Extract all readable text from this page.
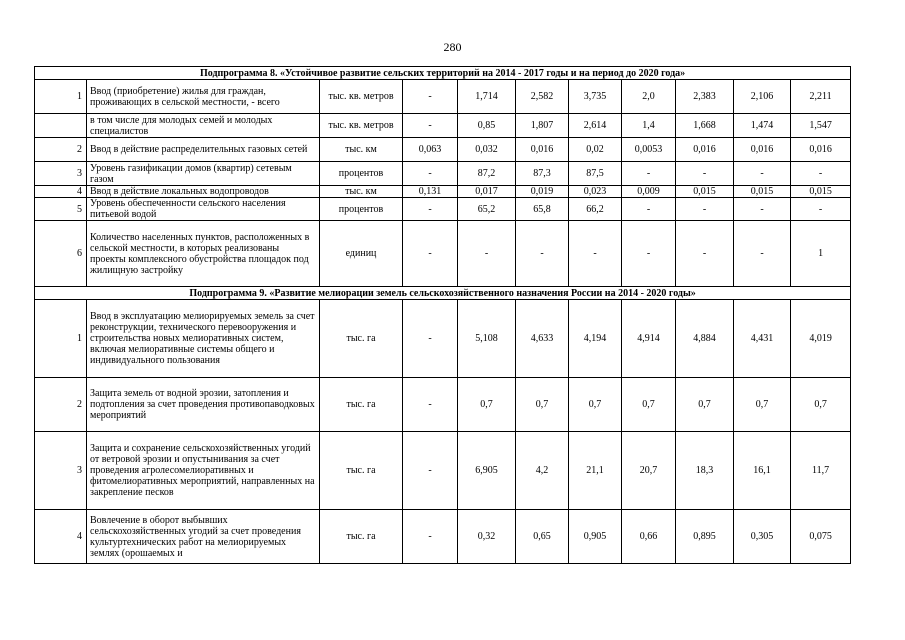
280
Подпрограмма 8. «Устойчивое развитие сельских территорий на 2014 - 2017 годы и на период до 2020 года»										
1	Ввод (приобретение) жилья для граждан, проживающих в сельской местности, - всего	тыс. кв. метров	-	1,714	2,582	3,735	2,0	2,383	2,106	2,211
	в том числе для молодых семей и молодых специалистов	тыс. кв. метров	-	0,85	1,807	2,614	1,4	1,668	1,474	1,547
2	Ввод в действие распределительных газовых сетей	тыс. км	0,063	0,032	0,016	0,02	0,0053	0,016	0,016	0,016
3	Уровень газификации домов (квартир) сетевым газом	процентов	-	87,2	87,3	87,5	-	-	-	-
4	Ввод в действие локальных водопроводов	тыс. км	0,131	0,017	0,019	0,023	0,009	0,015	0,015	0,015
5	Уровень обеспеченности сельского населения питьевой водой	процентов	-	65,2	65,8	66,2	-	-	-	-
6	Количество населенных пунктов, расположенных в сельской местности, в которых реализованы проекты комплексного обустройства площадок под жилищную застройку	единиц	-	-	-	-	-	-	-	1
Подпрограмма 9. «Развитие мелиорации земель сельскохозяйственного назначения России на 2014 - 2020 годы»										
1	Ввод в эксплуатацию мелиорируемых земель за счет реконструкции, технического перевооружения и строительства новых мелиоративных систем, включая мелиоративные системы общего и индивидуального пользования	тыс. га	-	5,108	4,633	4,194	4,914	4,884	4,431	4,019
2	Защита земель от водной эрозии, затопления и подтопления за счет проведения противопаводковых мероприятий	тыс. га	-	0,7	0,7	0,7	0,7	0,7	0,7	0,7
3	Защита и сохранение сельскохозяйственных угодий от ветровой эрозии и опустынивания за счет проведения агролесомелиоративных и фитомелиоративных мероприятий, направленных на закрепление песков	тыс. га	-	6,905	4,2	21,1	20,7	18,3	16,1	11,7
4	Вовлечение в оборот выбывших сельскохозяйственных угодий за счет проведения культуртехнических работ на мелиорируемых землях (орошаемых и	тыс. га	-	0,32	0,65	0,905	0,66	0,895	0,305	0,075
